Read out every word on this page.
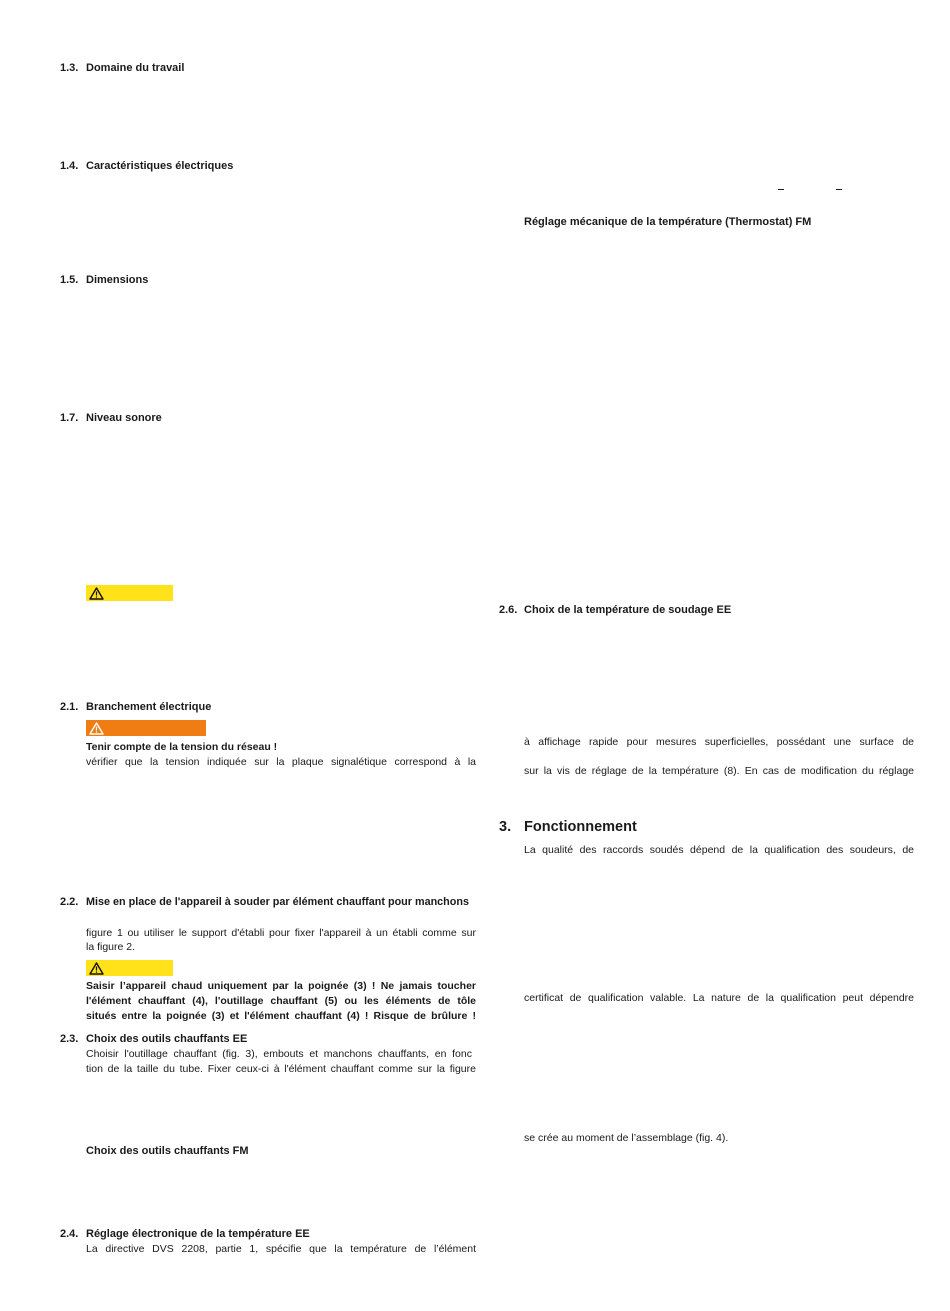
1.3. Domaine du travail
1.4. Caractéristiques électriques
1.5. Dimensions
1.7. Niveau sonore
2.1. Branchement électrique
Tenir compte de la tension du réseau !
vérifier que la tension indiquée sur la plaque signalétique correspond à la
2.2. Mise en place de l'appareil à souder par élément chauffant pour manchons
figure 1 ou utiliser le support d'établi pour fixer l'appareil à un établi comme sur
la figure 2.
Saisir l’appareil chaud uniquement par la poignée (3) ! Ne jamais toucher
l'élément chauffant (4), l'outillage chauffant (5) ou les éléments de tôle
situés entre la poignée (3) et l'élément chauffant (4) ! Risque de brûlure !
2.3. Choix des outils chauffants EE
Choisir l'outillage chauffant (fig. 3), embouts et manchons chauffants, en fonc
tion de la taille du tube. Fixer ceux-ci à l'élément chauffant comme sur la figure
Choix des outils chauffants FM
2.4. Réglage électronique de la température EE
La directive DVS 2208, partie 1, spécifie que la température de l’élément
Réglage mécanique de la température (Thermostat) FM
2.6. Choix de la température de soudage EE
à affichage rapide pour mesures superficielles, possédant une surface de
sur la vis de réglage de la température (8). En cas de modification du réglage
3. Fonctionnement
La qualité des raccords soudés dépend de la qualification des soudeurs, de
certificat de qualification valable. La nature de la qualification peut dépendre
se crée au moment de l’assemblage (fig. 4).
